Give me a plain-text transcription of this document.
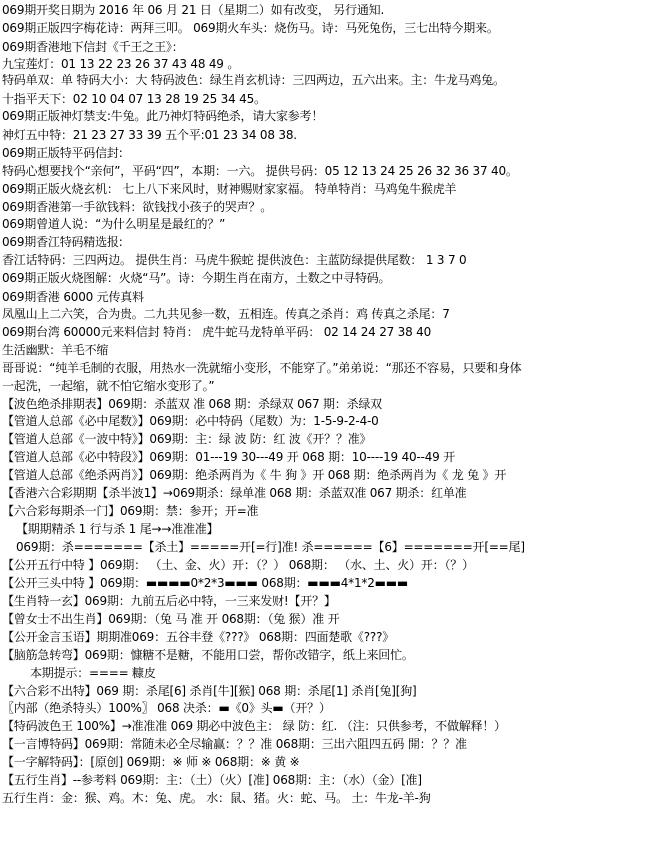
069期开奖日期为 2016 年 06 月 21 日（星期二）如有改变， 另行通知.
069期正版四字梅花诗：两拜三叩。 069期火车头：烧伤马。诗：马死兔伤，三七出特今期来。
069期香港地下信封《千王之王》：
九宝莲灯：01 13 22 23 26 37 43 48 49 。
特码单双：单 特码大小：大 特码波色：绿生肖玄机诗：三四两边，五六出来。主：牛龙马鸡兔。
十指平天下：02 10 04 07 13 28 19 25 34 45。
069期正版神灯禁支:牛兔。此乃神灯特码绝杀，请大家参考！
神灯五中特：21 23 27 33 39 五个平:01 23 34 08 38.
069期正版特平码信封:
特码心想要找个“亲何”，平码“四”，本期：一六。 提供号码：05 12 13 24 25 26 32 36 37 40。
069期正版火烧玄机： 七上八下来风时，财神赐财家家福。 特单特肖：马鸡兔牛猴虎羊
069期香港第一手欲钱料：欲钱找小孩子的哭声？。
069期曾道人说：“为什么明星是最红的？”
069期香江特码精选报:
香江话特码：三四两边。 提供生肖：马虎牛猴蛇 提供波色：主蓝防绿提供尾数： 1 3 7 0
069期正版火烧图解：火烧“马”。诗：今期生肖在南方，土数之中寻特码。
069期香港 6000 元传真料
凤凰山上二六笑，合为贵。二九共见参一数，五相连。传真之杀肖：鸡 传真之杀尾：7
069期台湾 60000元来料信封 特肖： 虎牛蛇马龙特单平码： 02 14 24 27 38 40
生活幽默：羊毛不缩
哥哥说：“纯羊毛制的衣服，用热水一洗就缩小变形，不能穿了。”弟弟说：“那还不容易，只要和身体
一起洗，一起缩，就不怕它缩水变形了。”
【波色绝杀排期表】069期：杀蓝双 准 068 期：杀绿双 067 期：杀绿双
【管道人总部《必中尾数》】069期：必中特码（尾数）为：1-5-9-2-4-0
【管道人总部《一波中特》】069期：主：绿 波 防：红 波《开？？准》
【管道人总部《必中特段》】069期：01---19 30---49 开 068 期：10----19 40--49 开
【管道人总部《绝杀两肖》】069期：绝杀两肖为《 牛 狗 》开 068 期：绝杀两肖为《 龙 兔 》开
【香港六合彩期期【杀半波1】→069期杀：绿单准 068 期：杀蓝双准 067 期杀：红单准
【六合彩每期杀一门】069期：禁：参开；开=准
【期期精杀 1 行与杀 1 尾→→准准准】
069期：杀=======【杀土】=====开[=行]准! 杀======【6】=======开[==尾]
【公开五行中特 】069期： （土、金、火）开：（？） 068期： （水、土、火）开：（？）
【公开三头中特 】069期：▬▬▬▬0*2*3▬▬▬ 068期：▬▬▬4*1*2▬▬▬
【生肖特一玄】069期：九前五后必中特，一三来发财!【开？】
【曾女士不出生肖】069期：（兔 马 准 开 068期：（兔 猴）准 开
【公开金言玉语】期期准069：五谷丰登《???》 068期：四面楚歌《???》
【脑筋急转弯】069期：慷糖不是糖，不能用口尝，帮你改错字，纸上来回忙。
本期提示：==== 糠皮
【六合彩不出特】069 期：杀尾[6] 杀肖[牛][猴] 068 期：杀尾[1] 杀肖[兔][狗]
〖内部（绝杀特头）100%〗 068 决杀：▬《0》头▬（开？）
【特码波色王 100%】→准准准 069 期必中波色主： 绿 防：红. （注：只供参考，不做解释！）
【一言博特码】069期：常随未必全尽输赢：？？准 068期：三出六阻四五码 開：？？准
【一字解特码】：[原创] 069期：※ 师 ※ 068期：※ 黄 ※
【五行生肖】--参考料 069期：主：（土）（火）[准] 068期：主：（水）（金）[准]
五行生肖：金：猴、鸡。木：兔、虎。 水：鼠、猪。火：蛇、马。 土：牛龙-羊-狗
